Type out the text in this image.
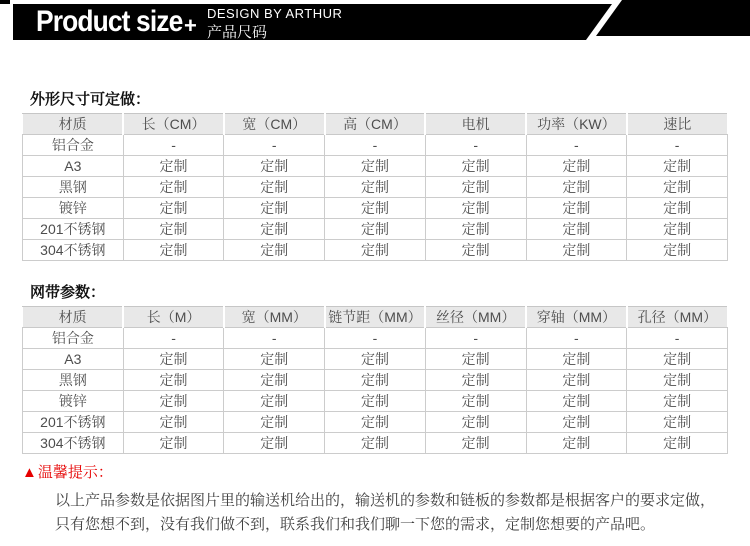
Product size + DESIGN BY ARTHUR
产品尺码
外形尺寸可定做：
材质	长（CM）	宽（CM）	高（CM）	电机	功率（KW）	速比
铝合金	-	-	-	-	-	-
A3	定制	定制	定制	定制	定制	定制
黑钢	定制	定制	定制	定制	定制	定制
镀锌	定制	定制	定制	定制	定制	定制
201不锈钢	定制	定制	定制	定制	定制	定制
304不锈钢	定制	定制	定制	定制	定制	定制
网带参数：
材质	长（M）	宽（MM）	链节距（MM）	丝径（MM）	穿轴（MM）	孔径（MM）
铝合金	-	-	-	-	-	-
A3	定制	定制	定制	定制	定制	定制
黑钢	定制	定制	定制	定制	定制	定制
镀锌	定制	定制	定制	定制	定制	定制
201不锈钢	定制	定制	定制	定制	定制	定制
304不锈钢	定制	定制	定制	定制	定制	定制
▲温馨提示：
以上产品参数是依据图片里的输送机给出的，输送机的参数和链板的参数都是根据客户的要求定做，
只有您想不到，没有我们做不到，联系我们和我们聊一下您的需求，定制您想要的产品吧。
